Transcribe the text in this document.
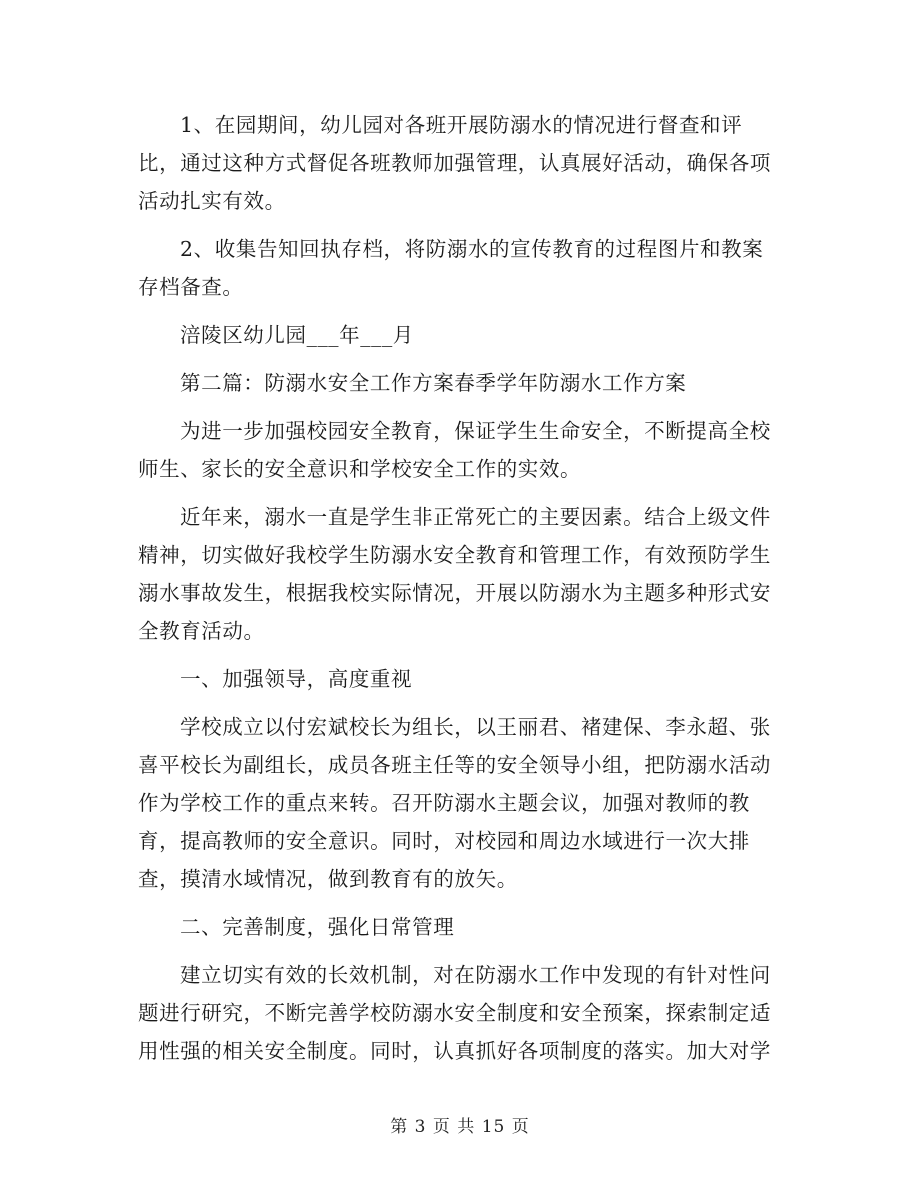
1、在园期间，幼儿园对各班开展防溺水的情况进行督查和评比，通过这种方式督促各班教师加强管理，认真展好活动，确保各项活动扎实有效。

2、收集告知回执存档，将防溺水的宣传教育的过程图片和教案存档备查。

涪陵区幼儿园___年___月

第二篇：防溺水安全工作方案春季学年防溺水工作方案

为进一步加强校园安全教育，保证学生生命安全，不断提高全校师生、家长的安全意识和学校安全工作的实效。

近年来，溺水一直是学生非正常死亡的主要因素。结合上级文件精神，切实做好我校学生防溺水安全教育和管理工作，有效预防学生溺水事故发生，根据我校实际情况，开展以防溺水为主题多种形式安全教育活动。

一、加强领导，高度重视

学校成立以付宏斌校长为组长，以王丽君、褚建保、李永超、张喜平校长为副组长，成员各班主任等的安全领导小组，把防溺水活动作为学校工作的重点来转。召开防溺水主题会议，加强对教师的教育，提高教师的安全意识。同时，对校园和周边水域进行一次大排查，摸清水域情况，做到教育有的放矢。

二、完善制度，强化日常管理

建立切实有效的长效机制，对在防溺水工作中发现的有针对性问题进行研究，不断完善学校防溺水安全制度和安全预案，探索制定适用性强的相关安全制度。同时，认真抓好各项制度的落实。加大对学

第 3 页 共 15 页
